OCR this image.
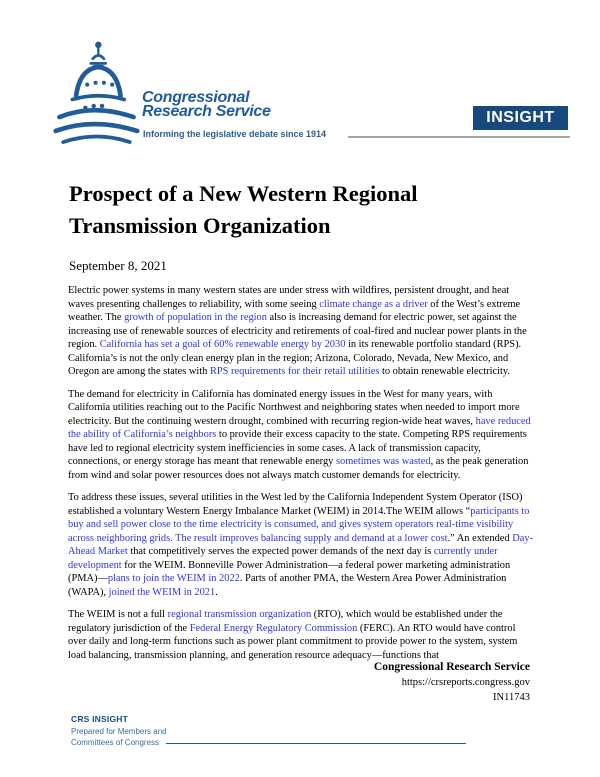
Congressional
Research Service
Informing the legislative debate since 1914
INSIGHT
Prospect of a New Western Regional
Transmission Organization
September 8, 2021

Electric power systems in many western states are under stress with wildfires, persistent drought, and heat waves presenting challenges to reliability, with some seeing climate change as a driver of the West’s extreme weather. The growth of population in the region also is increasing demand for electric power, set against the increasing use of renewable sources of electricity and retirements of coal-fired and nuclear power plants in the region. California has set a goal of 60% renewable energy by 2030 in its renewable portfolio standard (RPS). California’s is not the only clean energy plan in the region; Arizona, Colorado, Nevada, New Mexico, and Oregon are among the states with RPS requirements for their retail utilities to obtain renewable electricity.

The demand for electricity in California has dominated energy issues in the West for many years, with California utilities reaching out to the Pacific Northwest and neighboring states when needed to import more electricity. But the continuing western drought, combined with recurring region-wide heat waves, have reduced the ability of California’s neighbors to provide their excess capacity to the state. Competing RPS requirements have led to regional electricity system inefficiencies in some cases. A lack of transmission capacity, connections, or energy storage has meant that renewable energy sometimes was wasted, as the peak generation from wind and solar power resources does not always match customer demands for electricity.

To address these issues, several utilities in the West led by the California Independent System Operator (ISO) established a voluntary Western Energy Imbalance Market (WEIM) in 2014.The WEIM allows “participants to buy and sell power close to the time electricity is consumed, and gives system operators real-time visibility across neighboring grids. The result improves balancing supply and demand at a lower cost.” An extended Day-Ahead Market that competitively serves the expected power demands of the next day is currently under development for the WEIM. Bonneville Power Administration—a federal power marketing administration (PMA)—plans to join the WEIM in 2022. Parts of another PMA, the Western Area Power Administration (WAPA), joined the WEIM in 2021.

The WEIM is not a full regional transmission organization (RTO), which would be established under the regulatory jurisdiction of the Federal Energy Regulatory Commission (FERC). An RTO would have control over daily and long-term functions such as power plant commitment to provide power to the system, system load balancing, transmission planning, and generation resource adequacy—functions that

Congressional Research Service
https://crsreports.congress.gov
IN11743
CRS INSIGHT
Prepared for Members and
Committees of Congress
